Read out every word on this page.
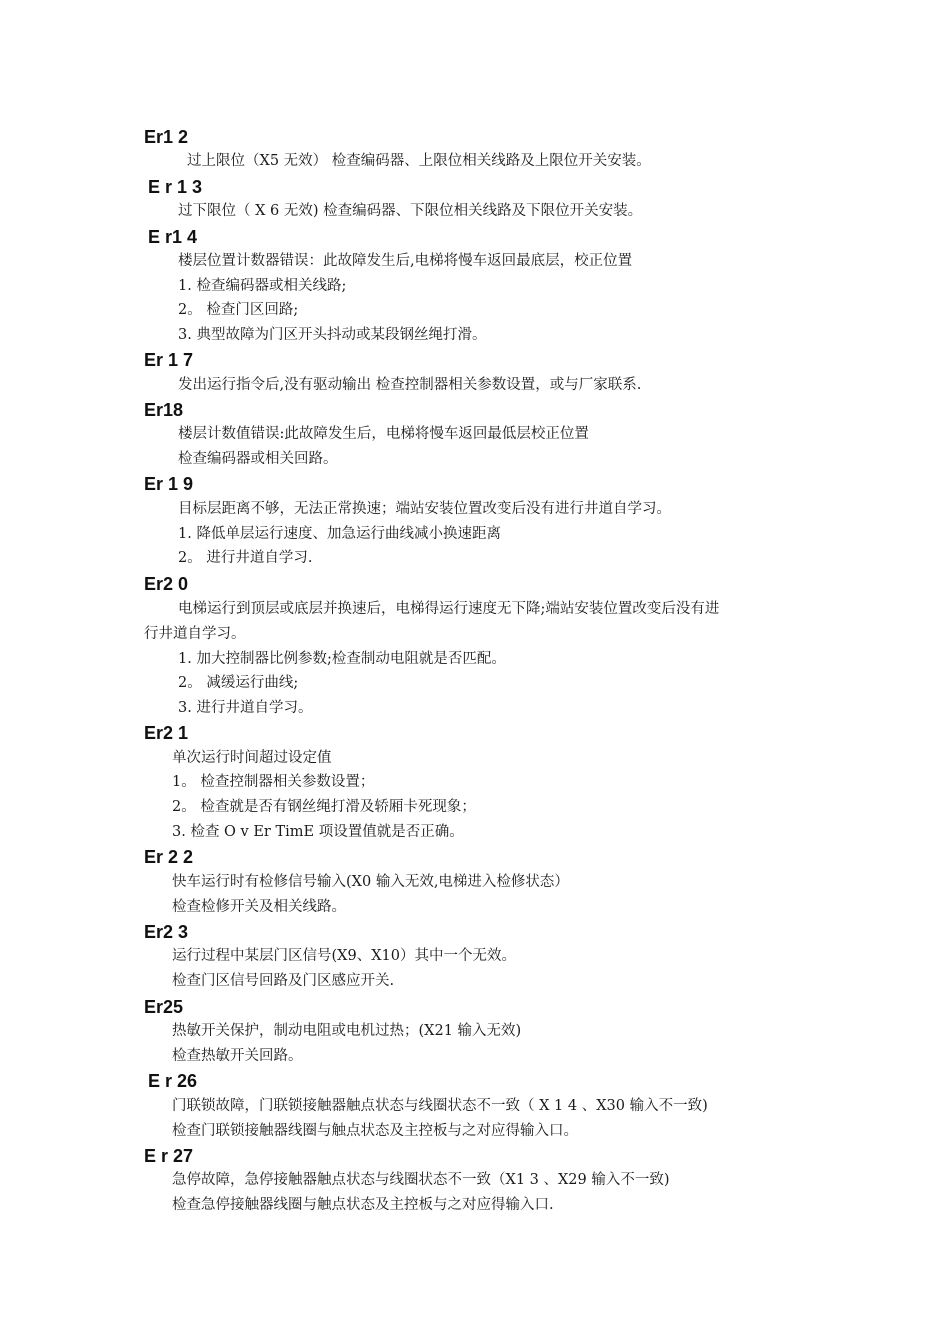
Er1 2
过上限位（X5 无效） 检查编码器、上限位相关线路及上限位开关安装。
E r 1 3
过下限位（ X 6 无效) 检查编码器、下限位相关线路及下限位开关安装。
E r1 4
楼层位置计数器错误：此故障发生后,电梯将慢车返回最底层，校正位置
1. 检查编码器或相关线路;
2。 检查门区回路;
3. 典型故障为门区开头抖动或某段钢丝绳打滑。
Er 1 7
发出运行指令后,没有驱动输出 检查控制器相关参数设置，或与厂家联系.
Er18
楼层计数值错误:此故障发生后，电梯将慢车返回最低层校正位置
检查编码器或相关回路。
Er 1 9
目标层距离不够，无法正常换速；端站安装位置改变后没有进行井道自学习。
1. 降低单层运行速度、加急运行曲线减小换速距离
2。 进行井道自学习.
Er2 0
电梯运行到顶层或底层并换速后，电梯得运行速度无下降;端站安装位置改变后没有进
行井道自学习。
1. 加大控制器比例参数;检查制动电阻就是否匹配。
2。 减缓运行曲线;
3. 进行井道自学习。
Er2 1
单次运行时间超过设定值
1。 检查控制器相关参数设置；
2。 检查就是否有钢丝绳打滑及轿厢卡死现象；
3. 检查 O v Er TimE 项设置值就是否正确。
Er 2 2
快车运行时有检修信号输入(X0 输入无效,电梯进入检修状态）
检查检修开关及相关线路。
Er2 3
运行过程中某层门区信号(X9、X10）其中一个无效。
检查门区信号回路及门区感应开关.
Er25
热敏开关保护，制动电阻或电机过热；(X21 输入无效)
检查热敏开关回路。
E r 26
门联锁故障，门联锁接触器触点状态与线圈状态不一致（ X 1 4 、X30 输入不一致)
检查门联锁接触器线圈与触点状态及主控板与之对应得输入口。
E r 27
急停故障，急停接触器触点状态与线圈状态不一致（X1 3 、X29 输入不一致)
检查急停接触器线圈与触点状态及主控板与之对应得输入口.
